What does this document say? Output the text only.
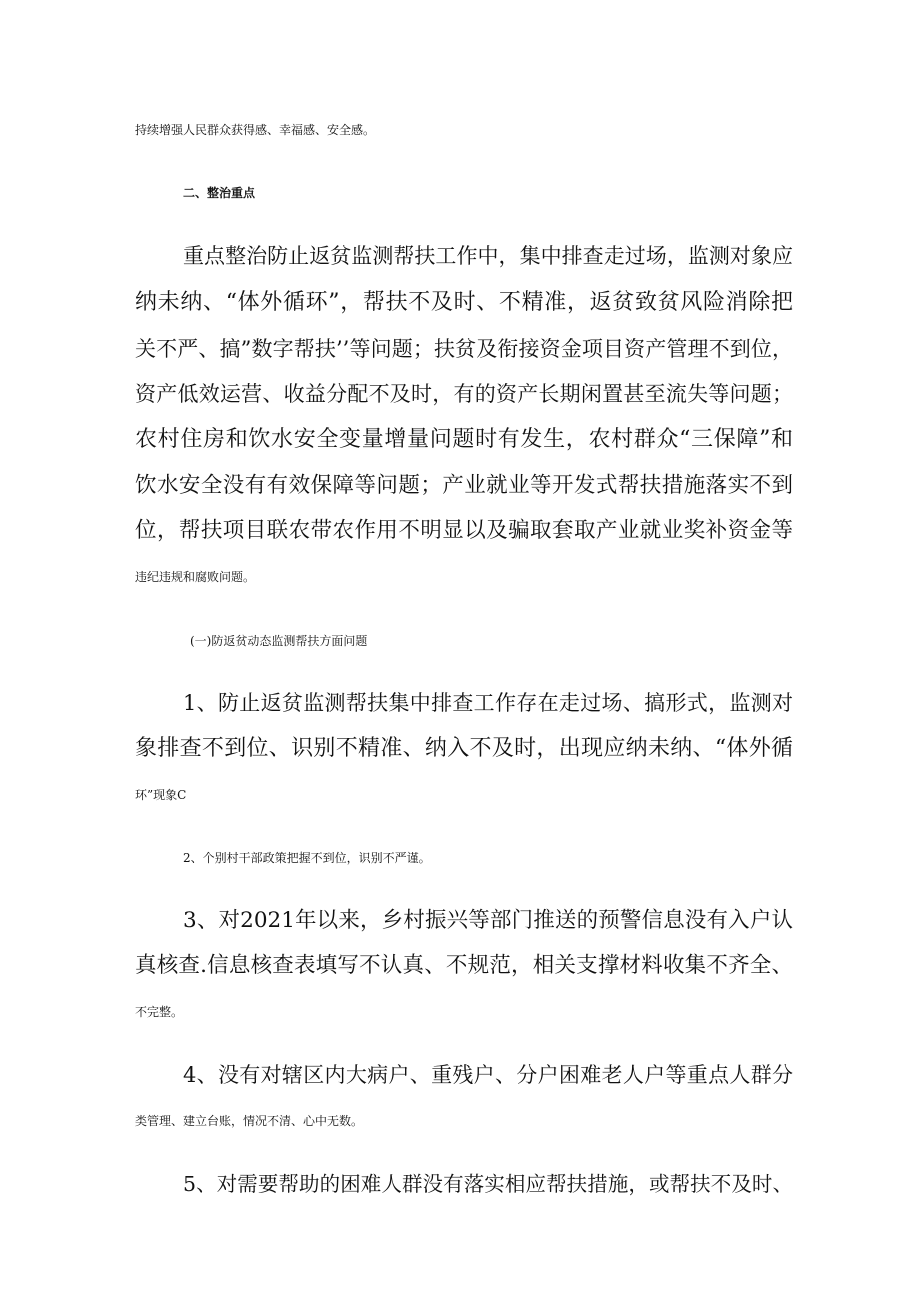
持续增强人民群众获得感、幸福感、安全感。
二、整治重点
重点整治防止返贫监测帮扶工作中，集中排查走过场，监测对象应
纳未纳、“体外循环”，帮扶不及时、不精准，返贫致贫风险消除把
关不严、搞”数字帮扶’’等问题；扶贫及衔接资金项目资产管理不到位，
资产低效运营、收益分配不及时，有的资产长期闲置甚至流失等问题；
农村住房和饮水安全变量增量问题时有发生，农村群众“三保障”和
饮水安全没有有效保障等问题；产业就业等开发式帮扶措施落实不到
位，帮扶项目联农带农作用不明显以及骗取套取产业就业奖补资金等
违纪违规和腐败问题。
(一)防返贫动态监测帮扶方面问题
1、防止返贫监测帮扶集中排查工作存在走过场、搞形式，监测对
象排查不到位、识别不精准、纳入不及时，出现应纳未纳、“体外循
环”现象C
2、个别村干部政策把握不到位，识别不严谨。
3、对2021年以来，乡村振兴等部门推送的预警信息没有入户认
真核查.信息核查表填写不认真、不规范，相关支撑材料收集不齐全、
不完整。
4、没有对辖区内大病户、重残户、分户困难老人户等重点人群分
类管理、建立台账，情况不清、心中无数。
5、对需要帮助的困难人群没有落实相应帮扶措施，或帮扶不及时、
